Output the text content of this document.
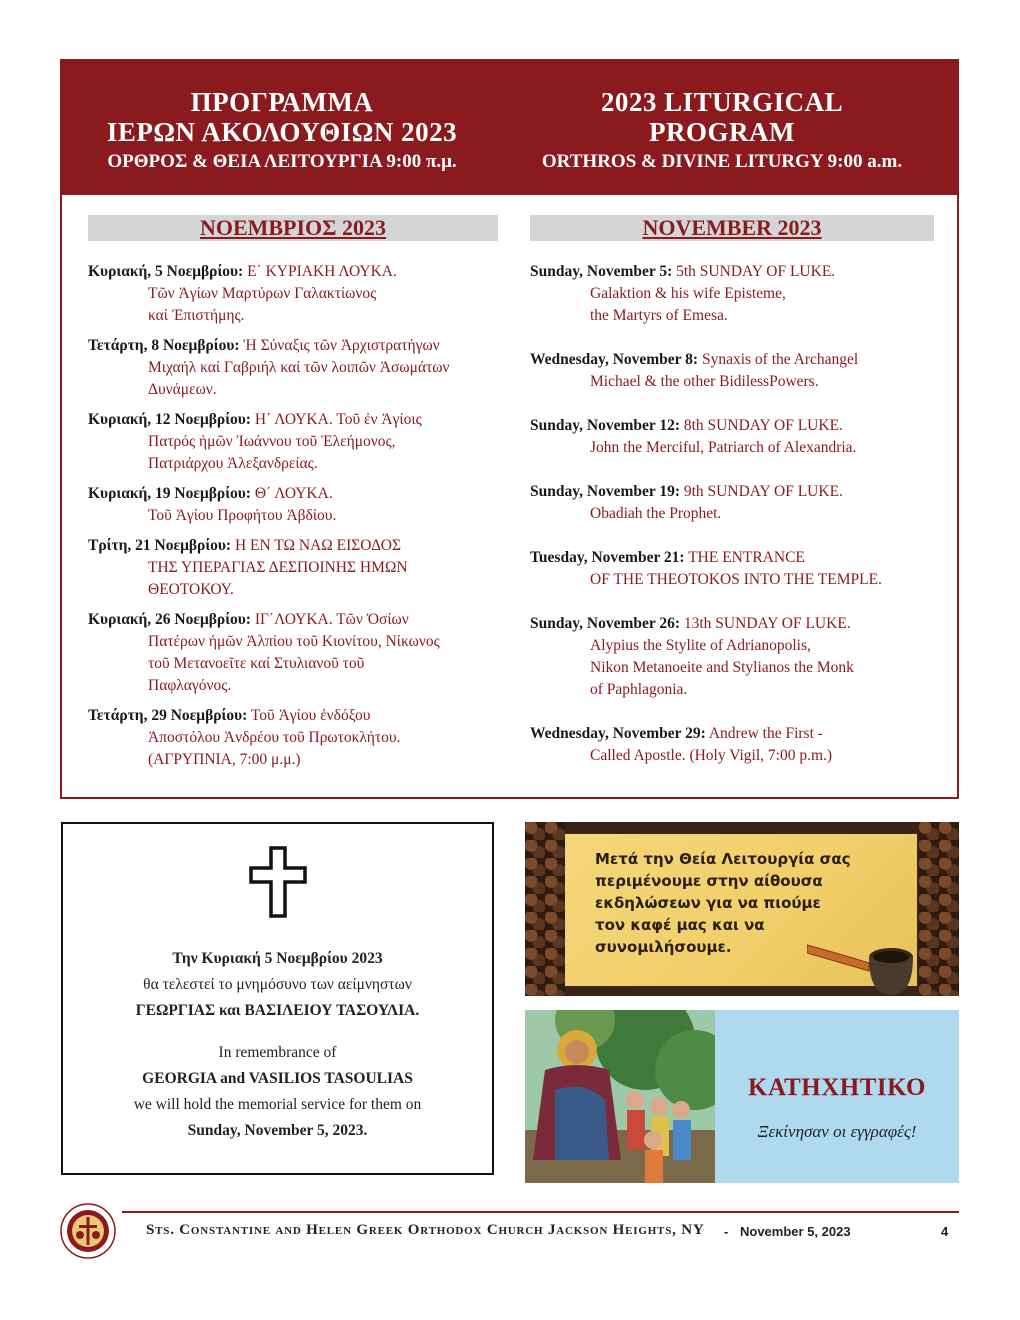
ΠΡΟΓΡΑΜΜΑ
ΙΕΡΩΝ ΑΚΟΛΟΥΘΙΩΝ 2023
ΟΡΘΡΟΣ & ΘΕΙΑ ΛΕΙΤΟΥΡΓΙΑ 9:00 π.μ.
2023 LITURGICAL
PROGRAM
ORTHROS & DIVINE LITURGY 9:00 a.m.
ΝΟΕΜΒΡΙΟΣ 2023
Κυριακή, 5 Νοεμβρίου: Ε΄ ΚΥΡΙΑΚΗ ΛΟΥΚΑ.
Τῶν Ἁγίων Μαρτύρων Γαλακτίωνος
καί Ἐπιστήμης.
Τετάρτη, 8 Νοεμβρίου: Ἡ Σύναξις τῶν Ἀρχιστρατήγων
Μιχαήλ καί Γαβριήλ καί τῶν λοιπῶν Ἀσωμάτων
Δυνάμεων.
Κυριακή, 12 Νοεμβρίου: Η΄ ΛΟΥΚΑ. Τοῦ ἐν Ἁγίοις
Πατρός ἡμῶν Ἰωάννου τοῦ Ἐλεήμονος,
Πατριάρχου Ἀλεξανδρείας.
Κυριακή, 19 Νοεμβρίου: Θ΄ ΛΟΥΚΑ.
Τοῦ Ἁγίου Προφήτου Ἀβδίου.
Τρίτη, 21 Νοεμβρίου: Η ΕΝ ΤΩ ΝΑΩ ΕΙΣΟΔΟΣ
ΤΗΣ ΥΠΕΡΑΓΙΑΣ ΔΕΣΠΟΙΝΗΣ ΗΜΩΝ
ΘΕΟΤΟΚΟΥ.
Κυριακή, 26 Νοεμβρίου: ΙΓ΄ΛΟΥΚΑ. Τῶν Ὁσίων
Πατέρων ἡμῶν Ἀλπίου τοῦ Κιονίτου, Νίκωνος
τοῦ Μετανοεῖτε καί Στυλιανοῦ τοῦ
Παφλαγόνος.
Τετάρτη, 29 Νοεμβρίου: Τοῦ Ἁγίου ἐνδόξου
Ἀποστόλου Ἀνδρέου τοῦ Πρωτοκλήτου.
(ΑΓΡΥΠΝΙΑ, 7:00 μ.μ.)
NOVEMBER 2023
Sunday, November 5: 5th SUNDAY OF LUKE.
Galaktion & his wife Episteme,
the Martyrs of Emesa.
Wednesday, November 8: Synaxis of the Archangel
Michael & the other BidilessPowers.
Sunday, November 12: 8th SUNDAY OF LUKE.
John the Merciful, Patriarch of Alexandria.
Sunday, November 19: 9th SUNDAY OF LUKE.
Obadiah the Prophet.
Tuesday, November 21: THE ENTRANCE
OF THE THEOTOKOS INTO THE TEMPLE.
Sunday, November 26: 13th SUNDAY OF LUKE.
Alypius the Stylite of Adrianopolis,
Nikon Metanoeite and Stylianos the Monk
of Paphlagonia.
Wednesday, November 29: Andrew the First -
Called Apostle. (Holy Vigil, 7:00 p.m.)
Την Κυριακή 5 Νοεμβρίου 2023
θα τελεστεί το μνημόσυνο των αείμνηστων
ΓΕΩΡΓΙΑΣ και ΒΑΣΙΛΕΙΟΥ ΤΑΣΟΥΛΙΑ.
In remembrance of
GEORGIA and VASILIOS TASOULIAS
we will hold the memorial service for them on
Sunday, November 5, 2023.
Μετά την Θεία Λειτουργία σας
περιμένουμε στην αίθουσα
εκδηλώσεων για να πιούμε
τον καφέ μας και να
συνομιλήσουμε.
ΚΑΤΗΧΗΤΙΚΟ
Ξεκίνησαν οι εγγραφές!
Sts. Constantine and Helen Greek Orthodox Church Jackson Heights, NY - November 5, 2023	4
